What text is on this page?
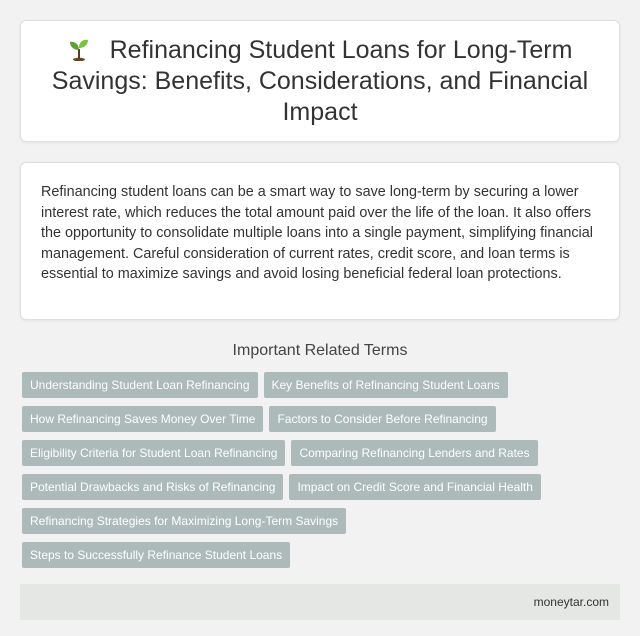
Refinancing Student Loans for Long-Term Savings: Benefits, Considerations, and Financial Impact

Refinancing student loans can be a smart way to save long-term by securing a lower interest rate, which reduces the total amount paid over the life of the loan. It also offers the opportunity to consolidate multiple loans into a single payment, simplifying financial management. Careful consideration of current rates, credit score, and loan terms is essential to maximize savings and avoid losing beneficial federal loan protections.

Important Related Terms
Understanding Student Loan Refinancing	Key Benefits of Refinancing Student Loans
How Refinancing Saves Money Over Time	Factors to Consider Before Refinancing
Eligibility Criteria for Student Loan Refinancing	Comparing Refinancing Lenders and Rates
Potential Drawbacks and Risks of Refinancing	Impact on Credit Score and Financial Health
Refinancing Strategies for Maximizing Long-Term Savings
Steps to Successfully Refinance Student Loans
moneytar.com
